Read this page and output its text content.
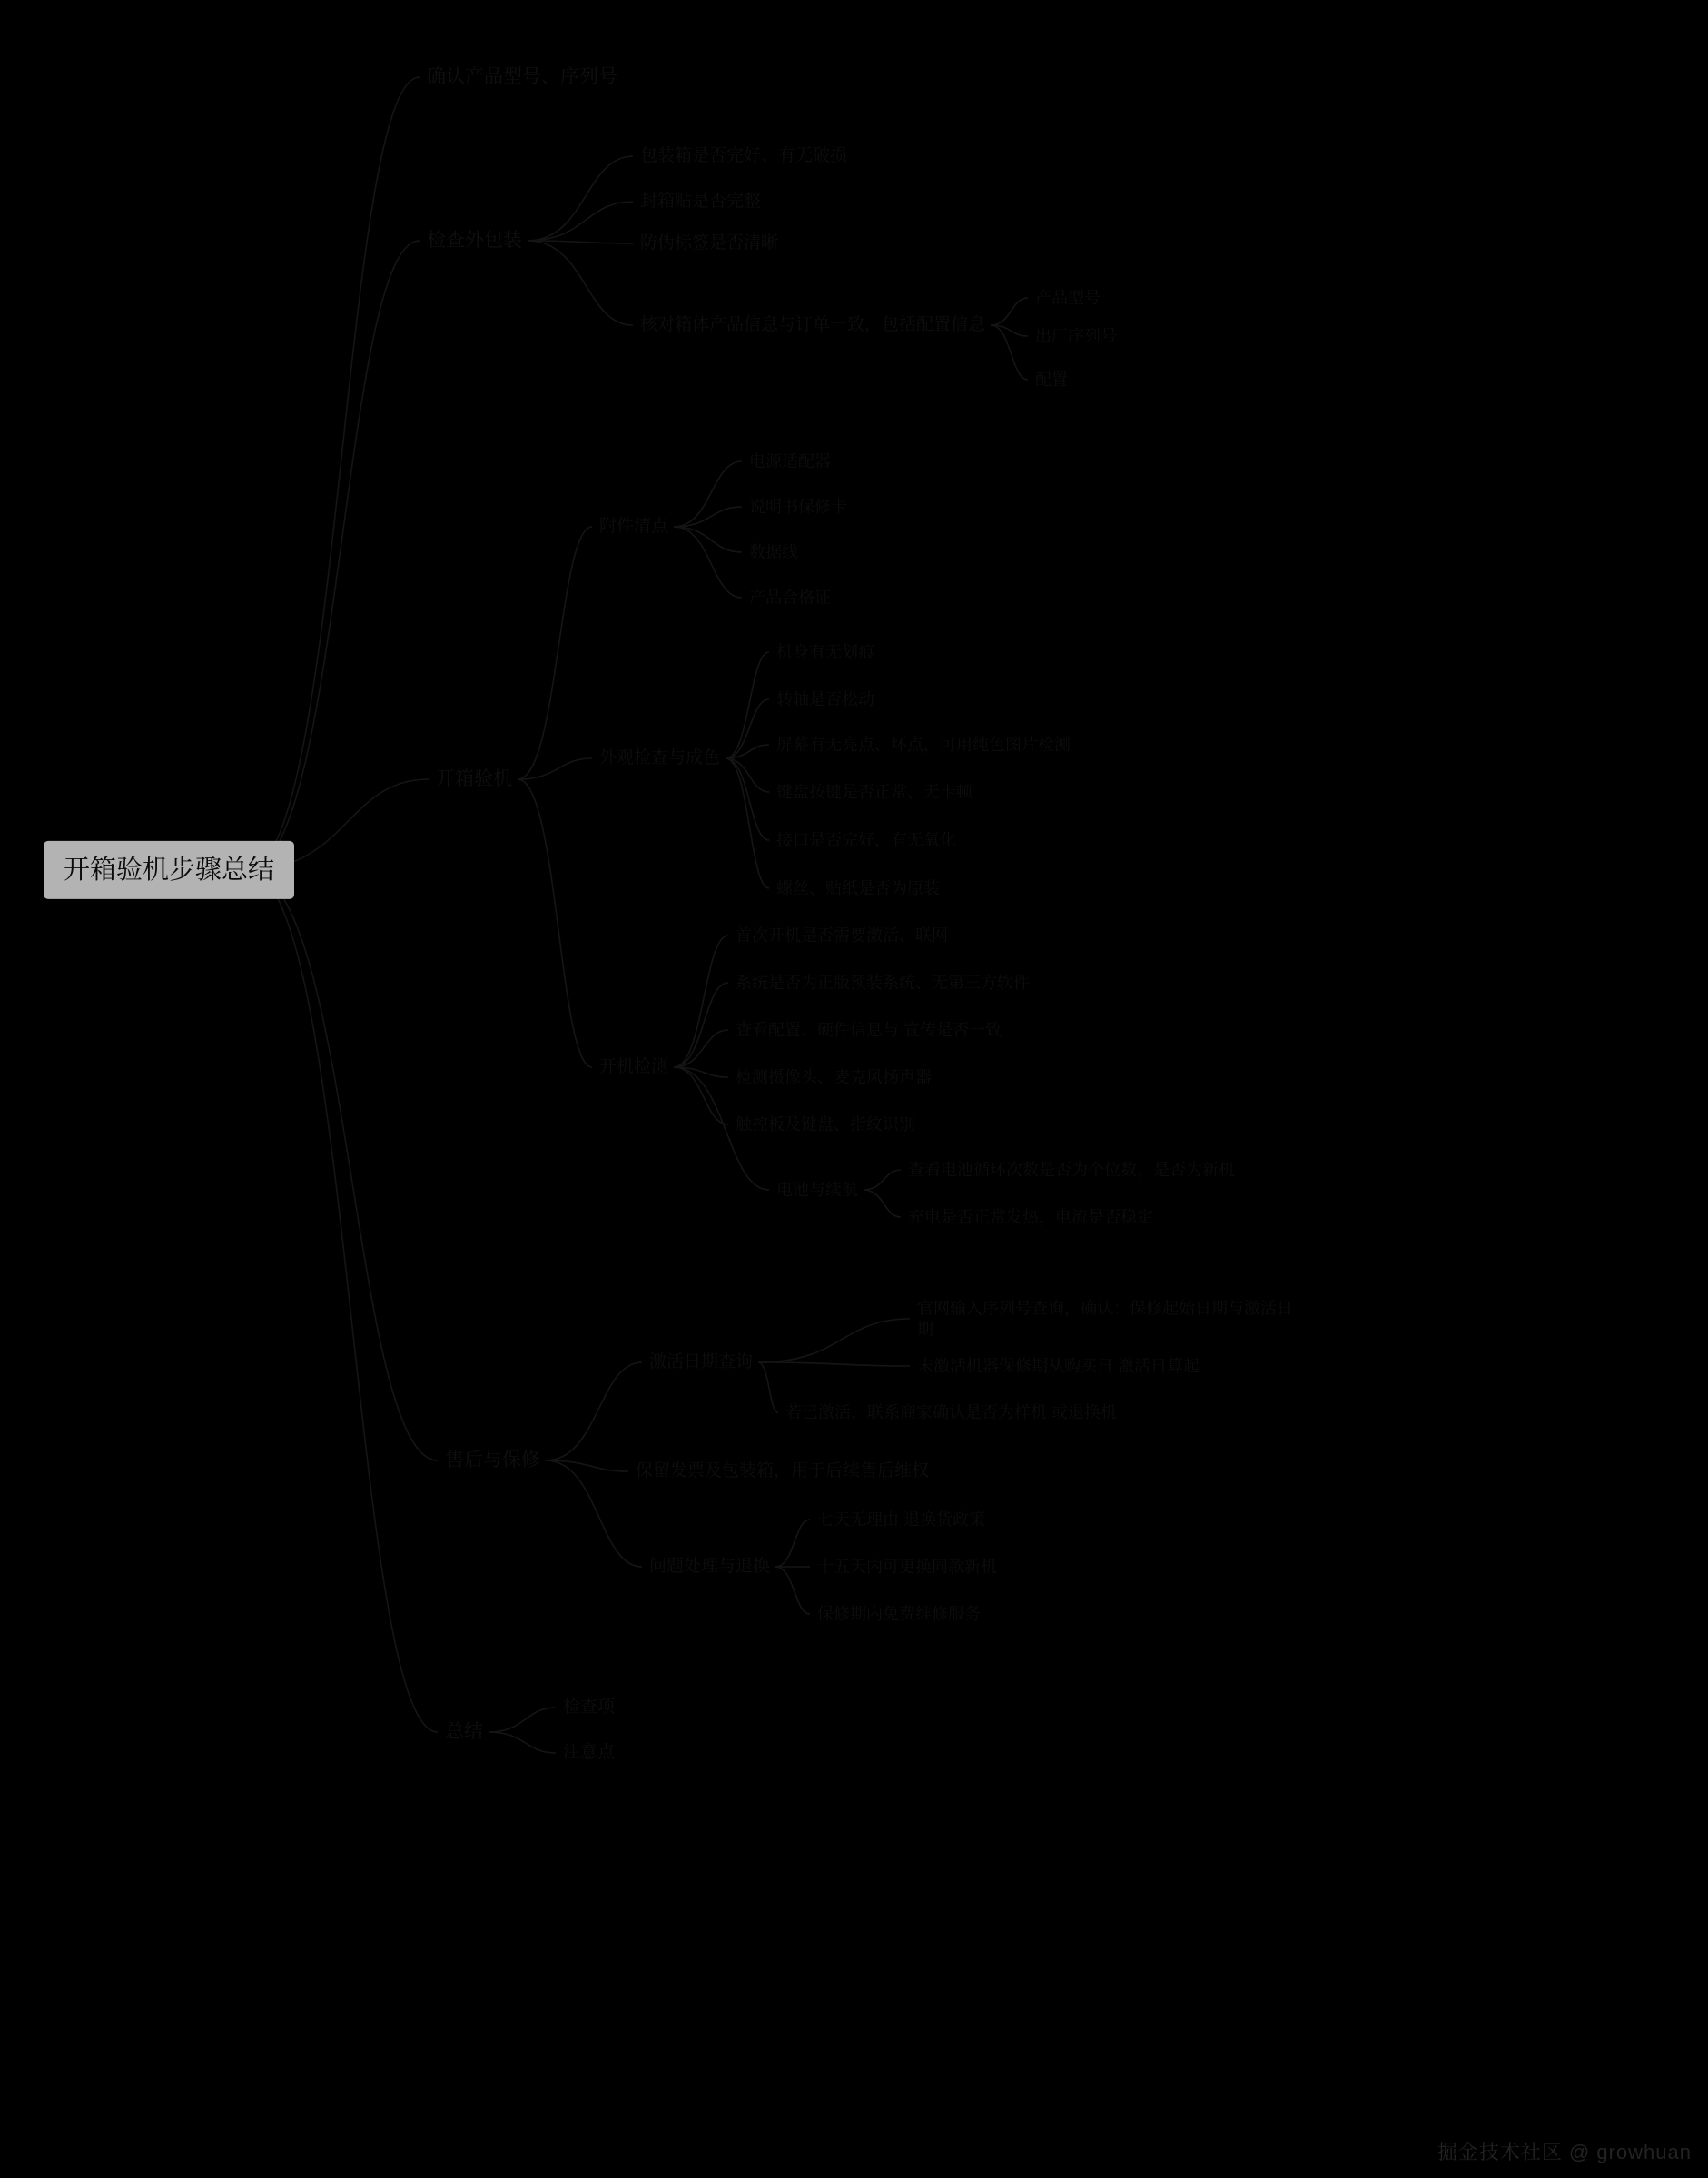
开箱验机步骤总结
确认产品型号、序列号
检查外包装
包装箱是否完好、有无破损
封箱贴是否完整
防伪标签是否清晰
核对箱体产品信息与订单一致，包括配置信息
产品型号
出厂序列号
配置
开箱验机
附件清点
电源适配器
说明书保修卡
数据线
产品合格证
外观检查与成色
机身有无划痕
转轴是否松动
屏幕有无亮点、坏点，可用纯色图片检测
键盘按键是否正常、无卡顿
接口是否完好，有无氧化
螺丝、贴纸是否为原装
开机检测
首次开机是否需要激活、联网
系统是否为正版预装系统、无第三方软件
查看配置、硬件信息与 宣传是否一致
检测摄像头、麦克风扬声器
触控板及键盘、指纹识别
电池与续航
查看电池循环次数是否为个位数，是否为新机
充电是否正常发热，电流是否稳定
售后与保修
激活日期查询
官网输入序列号查询，确认：保修起始日期与激活日期
未激活机器保修期从购买日 激活日算起
若已激活，联系商家确认是否为样机 或退换机
保留发票及包装箱，用于后续售后维权
问题处理与退换
七天无理由 退换货政策
十五天内可更换同款新机
保修期内免费维修服务
总结
检查项
注意点
掘金技术社区 @ growhuan
